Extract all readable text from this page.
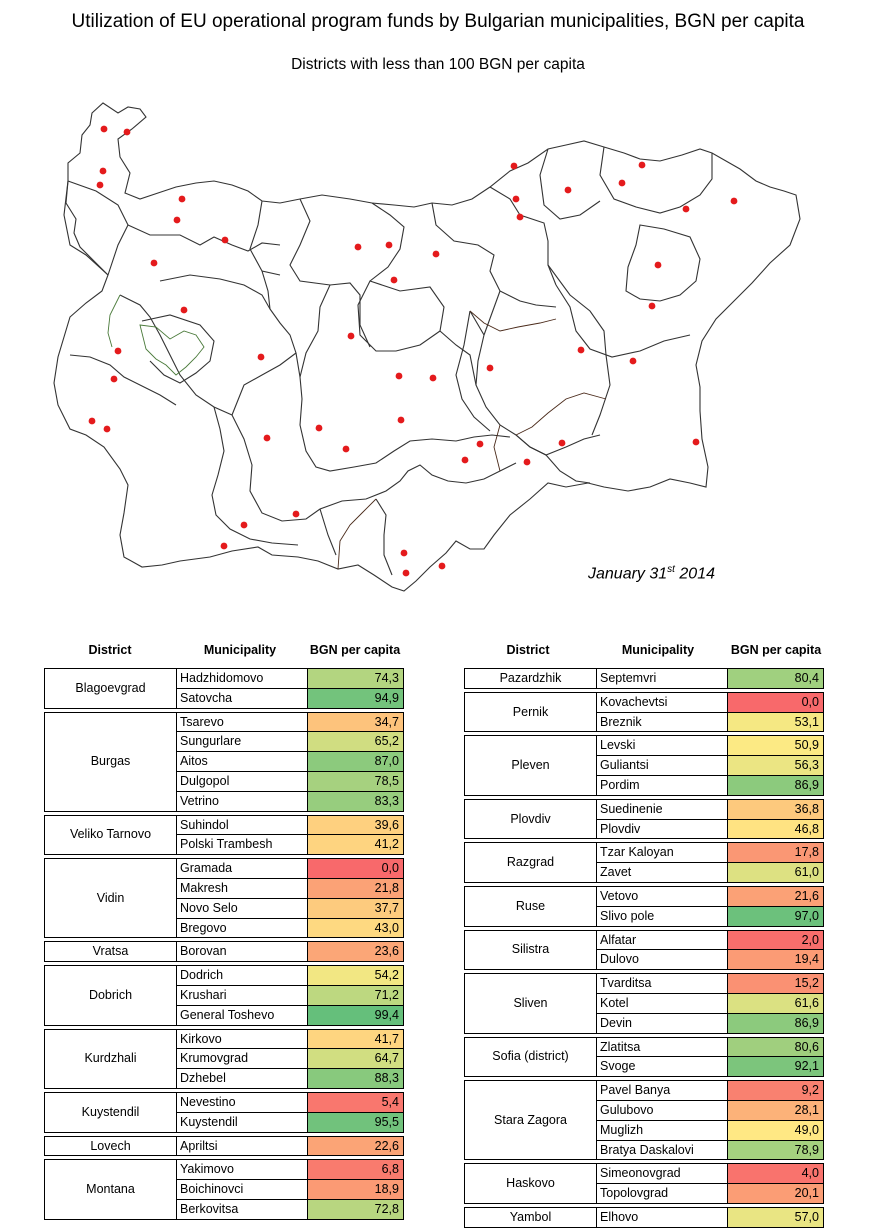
Utilization of EU operational program funds by Bulgarian municipalities, BGN per capita
Districts with less than 100 BGN per capita
January 31st 2014
District	Municipality	BGN per capita	District	Municipality	BGN per capita
Blagoevgrad	Hadzhidomovo	74,3
	Satovcha	94,9

Burgas	Tsarevo	34,7
	Sungurlare	65,2
	Aitos	87,0
	Dulgopol	78,5
	Vetrino	83,3

Veliko Tarnovo	Suhindol	39,6
	Polski Trambesh	41,2

Vidin	Gramada	0,0
	Makresh	21,8
	Novo Selo	37,7
	Bregovo	43,0

Vratsa	Borovan	23,6

Dobrich	Dodrich	54,2
	Krushari	71,2
	General Toshevo	99,4

Kurdzhali	Kirkovo	41,7
	Krumovgrad	64,7
	Dzhebel	88,3

Kuystendil	Nevestino	5,4
	Kuystendil	95,5

Lovech	Apriltsi	22,6

Montana	Yakimovo	6,8
	Boichinovci	18,9
	Berkovitsa	72,8
Pazardzhik	Septemvri	80,4

Pernik	Kovachevtsi	0,0
	Breznik	53,1

Pleven	Levski	50,9
	Guliantsi	56,3
	Pordim	86,9

Plovdiv	Suedinenie	36,8
	Plovdiv	46,8

Razgrad	Tzar Kaloyan	17,8
	Zavet	61,0

Ruse	Vetovo	21,6
	Slivo pole	97,0

Silistra	Alfatar	2,0
	Dulovo	19,4

Sliven	Tvarditsa	15,2
	Kotel	61,6
	Devin	86,9

Sofia (district)	Zlatitsa	80,6
	Svoge	92,1

Stara Zagora	Pavel Banya	9,2
	Gulubovo	28,1
	Muglizh	49,0
	Bratya Daskalovi	78,9

Haskovo	Simeonovgrad	4,0
	Topolovgrad	20,1

Yambol	Elhovo	57,0
